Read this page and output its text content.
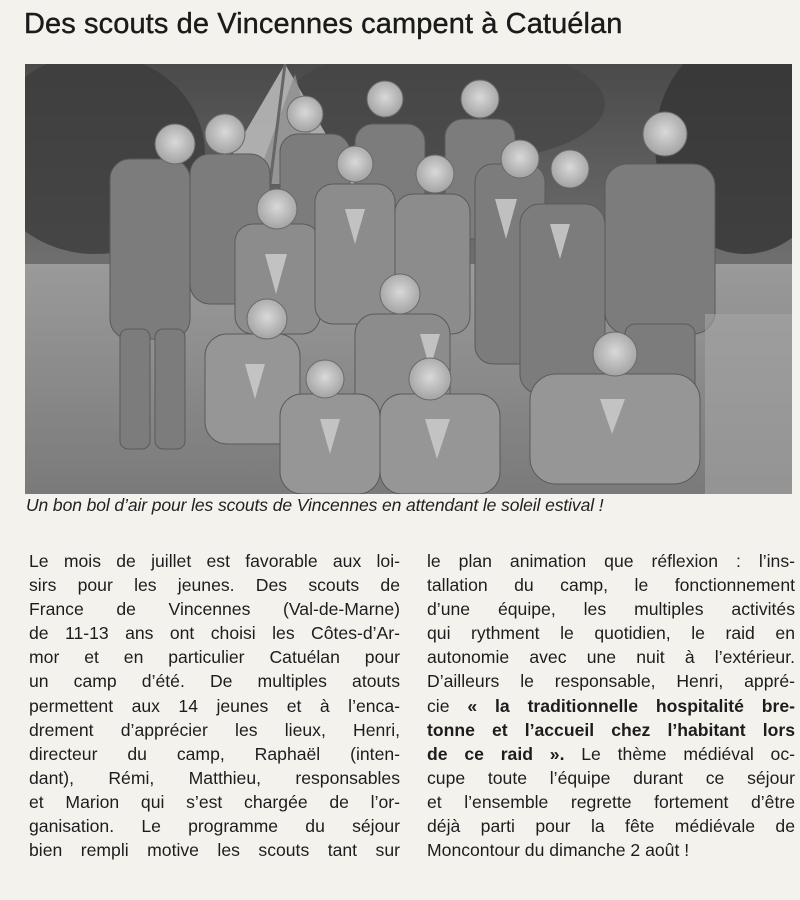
Des scouts de Vincennes campent à Catuélan
Un bon bol d’air pour les scouts de Vincennes en attendant le soleil estival !
Le mois de juillet est favorable aux loi-
sirs pour les jeunes. Des scouts de
France de Vincennes (Val-de-Marne)
de 11-13 ans ont choisi les Côtes-d’Ar-
mor et en particulier Catuélan pour
un camp d’été. De multiples atouts
permettent aux 14 jeunes et à l’enca-
drement d’apprécier les lieux, Henri,
directeur du camp, Raphaël (inten-
dant), Rémi, Matthieu, responsables
et Marion qui s’est chargée de l’or-
ganisation. Le programme du séjour
bien rempli motive les scouts tant sur
le plan animation que réflexion : l’ins-
tallation du camp, le fonctionnement
d’une équipe, les multiples activités
qui rythment le quotidien, le raid en
autonomie avec une nuit à l’extérieur.
D’ailleurs le responsable, Henri, appré-
cie « la traditionnelle hospitalité bre-
tonne et l’accueil chez l’habitant lors
de ce raid ». Le thème médiéval oc-
cupe toute l’équipe durant ce séjour
et l’ensemble regrette fortement d’être
déjà parti pour la fête médiévale de
Moncontour du dimanche 2 août !
